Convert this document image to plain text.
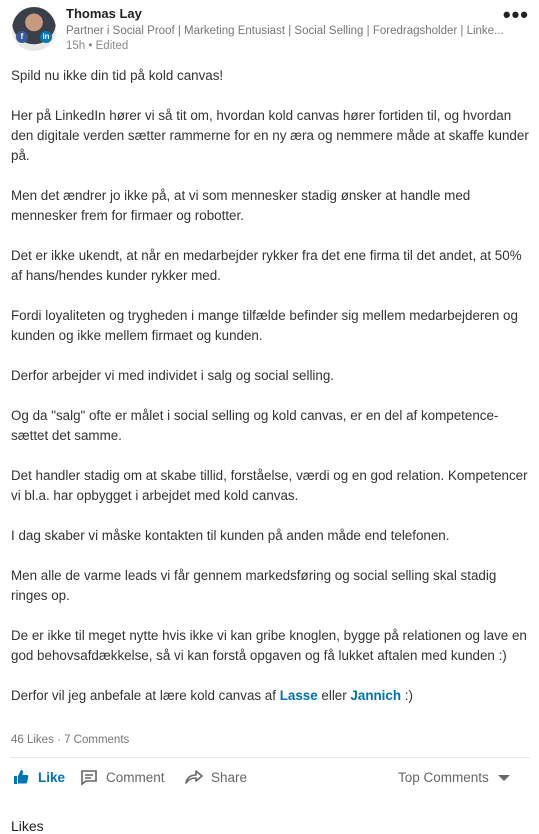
f	in
Thomas Lay
Partner i Social Proof | Marketing Entusiast | Social Selling | Foredragsholder | Linke...
15h • Edited
•••

Spild nu ikke din tid på kold canvas!

Her på LinkedIn hører vi så tit om, hvordan kold canvas hører fortiden til, og hvordan den digitale verden sætter rammerne for en ny æra og nemmere måde at skaffe kunder på.

Men det ændrer jo ikke på, at vi som mennesker stadig ønsker at handle med mennesker frem for firmaer og robotter.

Det er ikke ukendt, at når en medarbejder rykker fra det ene firma til det andet, at 50% af hans/hendes kunder rykker med.

Fordi loyaliteten og trygheden i mange tilfælde befinder sig mellem medarbejderen og kunden og ikke mellem firmaet og kunden.

Derfor arbejder vi med individet i salg og social selling.

Og da "salg" ofte er målet i social selling og kold canvas, er en del af kompetence-sættet det samme.

Det handler stadig om at skabe tillid, forståelse, værdi og en god relation. Kompetencer vi bl.a. har opbygget i arbejdet med kold canvas.

I dag skaber vi måske kontakten til kunden på anden måde end telefonen.

Men alle de varme leads vi får gennem markedsføring og social selling skal stadig ringes op.

De er ikke til meget nytte hvis ikke vi kan gribe knoglen, bygge på relationen og lave en god behovsafdækkelse, så vi kan forstå opgaven og få lukket aftalen med kunden :)

Derfor vil jeg anbefale at lære kold canvas af Lasse eller Jannich :)

46 Likes · 7 Comments
Like	Comment	Share	Top Comments
Likes
